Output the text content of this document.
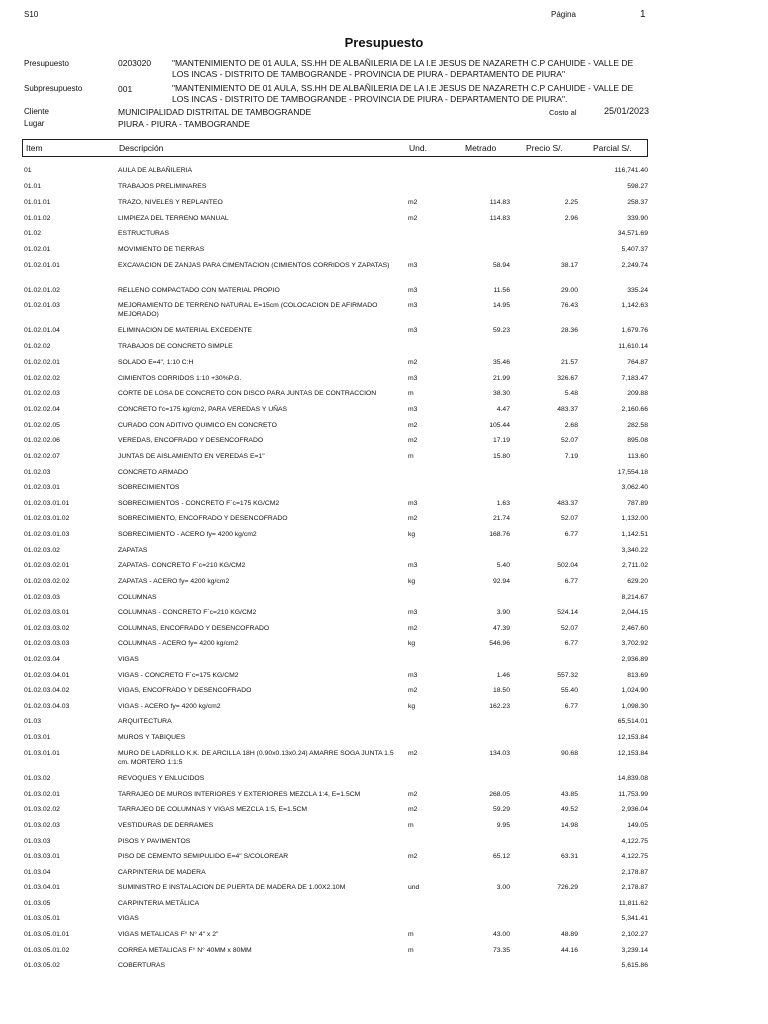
S10	Página	1
Presupuesto
Presupuesto	0203020 "MANTENIMIENTO DE 01 AULA, SS.HH DE ALBAÑILERIA DE LA I.E JESUS DE NAZARETH C.P CAHUIDE - VALLE DE LOS INCAS - DISTRITO DE TAMBOGRANDE - PROVINCIA DE PIURA - DEPARTAMENTO DE PIURA"
Subpresupuesto	001	"MANTENIMIENTO DE 01 AULA, SS.HH DE ALBAÑILERIA DE LA I.E JESUS DE NAZARETH C.P CAHUIDE - VALLE DE LOS INCAS - DISTRITO DE TAMBOGRANDE - PROVINCIA DE PIURA - DEPARTAMENTO DE PIURA".
Cliente	MUNICIPALIDAD DISTRITAL DE TAMBOGRANDE	Costo al	25/01/2023
Lugar	PIURA - PIURA - TAMBOGRANDE
Item	Descripción	Und.	Metrado	Precio S/.	Parcial S/.
01	AULA DE ALBAÑILERIA	116,741.40
01.01	TRABAJOS PRELIMINARES	598.27
01.01.01	TRAZO, NIVELES Y REPLANTEO	m2	114.83	2.25	258.37
01.01.02	LIMPIEZA DEL TERRENO MANUAL	m2	114.83	2.96	339.90
01.02	ESTRUCTURAS	34,571.69
01.02.01	MOVIMIENTO DE TIERRAS	5,407.37
01.02.01.01	EXCAVACION DE ZANJAS PARA CIMENTACION (CIMIENTOS CORRIDOS Y ZAPATAS)	m3	58.94	38.17	2,249.74
01.02.01.02	RELLENO COMPACTADO CON MATERIAL PROPIO	m3	11.56	29.00	335.24
01.02.01.03	MEJORAMIENTO DE TERRENO NATURAL E=15cm (COLOCACION DE AFIRMADO MEJORADO)
m3	14.95	76.43	1,142.63
01.02.01.04	ELIMINACION DE MATERIAL EXCEDENTE	m3	59.23	28.36	1,679.76
01.02.02	TRABAJOS DE CONCRETO SIMPLE	11,610.14
01.02.02.01	SOLADO E=4", 1:10 C:H	m2	35.46	21.57	764.87
01.02.02.02	CIMIENTOS CORRIDOS 1:10 +30%P.G.	m3	21.99	326.67	7,183.47
01.02.02.03	CORTE DE LOSA DE CONCRETO CON DISCO PARA JUNTAS DE CONTRACCION	m	38.30	5.48	209.88
01.02.02.04	CONCRETO f'c=175 kg/cm2, PARA VEREDAS Y UÑAS	m3	4.47	483.37	2,160.66
01.02.02.05	CURADO CON ADITIVO QUIMICO EN CONCRETO	m2	105.44	2.68	282.58
01.02.02.06	VEREDAS, ENCOFRADO Y DESENCOFRADO	m2	17.19	52.07	895.08
01.02.02.07	JUNTAS DE AISLAMIENTO EN VEREDAS E=1"	m	15.80	7.19	113.60
01.02.03	CONCRETO ARMADO	17,554.18
01.02.03.01	SOBRECIMIENTOS	3,062.40
01.02.03.01.01	SOBRECIMIENTOS - CONCRETO F´c=175 KG/CM2	m3	1.63	483.37	787.89
01.02.03.01.02	SOBRECIMIENTO, ENCOFRADO Y DESENCOFRADO	m2	21.74	52.07	1,132.00
01.02.03.01.03	SOBRECIMIENTO - ACERO fy= 4200 kg/cm2	kg	168.76	6.77	1,142.51
01.02.03.02	ZAPATAS	3,340.22
01.02.03.02.01	ZAPATAS- CONCRETO F´c=210 KG/CM2	m3	5.40	502.04	2,711.02
01.02.03.02.02	ZAPATAS - ACERO fy= 4200 kg/cm2	kg	92.94	6.77	629.20
01.02.03.03	COLUMNAS	8,214.67
01.02.03.03.01	COLUMNAS - CONCRETO F´c=210 KG/CM2	m3	3.90	524.14	2,044.15
01.02.03.03.02	COLUMNAS, ENCOFRADO Y DESENCOFRADO	m2	47.39	52.07	2,467.60
01.02.03.03.03	COLUMNAS - ACERO fy= 4200 kg/cm2	kg	546.96	6.77	3,702.92
01.02.03.04	VIGAS	2,936.89
01.02.03.04.01	VIGAS - CONCRETO F´c=175 KG/CM2	m3	1.46	557.32	813.69
01.02.03.04.02	VIGAS, ENCOFRADO Y DESENCOFRADO	m2	18.50	55.40	1,024.90
01.02.03.04.03	VIGAS - ACERO fy= 4200 kg/cm2	kg	162.23	6.77	1,098.30
01.03	ARQUITECTURA	65,514.01
01.03.01	MUROS Y TABIQUES	12,153.84
01.03.01.01	MURO DE LADRILLO K.K. DE ARCILLA 18H (0.90x0.13x0.24) AMARRE SOGA JUNTA 1.5 cm. MORTERO 1:1:5
m2	134.03	90.68	12,153.84
01.03.02	REVOQUES Y ENLUCIDOS	14,839.08
01.03.02.01	TARRAJEO DE MUROS INTERIORES Y EXTERIORES MEZCLA 1:4, E=1.5CM	m2	268.05	43.85	11,753.99
01.03.02.02	TARRAJEO DE COLUMNAS Y VIGAS MEZCLA 1:5, E=1.5CM	m2	59.29	49.52	2,936.04
01.03.02.03	VESTIDURAS DE DERRAMES	m	9.95	14.98	149.05
01.03.03	PISOS Y PAVIMENTOS	4,122.75
01.03.03.01	PISO DE CEMENTO SEMIPULIDO E=4" S/COLOREAR	m2	65.12	63.31	4,122.75
01.03.04	CARPINTERIA DE MADERA	2,178.87
01.03.04.01	SUMINISTRO E INSTALACION DE PUERTA DE MADERA DE 1.00X2.10M	und	3.00	726.29	2,178.87
01.03.05	CARPINTERIA METÁLICA	11,811.62
01.03.05.01	VIGAS	5,341.41
01.03.05.01.01	VIGAS METALICAS F° N° 4" x 2"	m	43.00	48.89	2,102.27
01.03.05.01.02	CORREA METALICAS F° N° 40MM x 80MM	m	73.35	44.16	3,239.14
01.03.05.02	COBERTURAS	5,615.86
